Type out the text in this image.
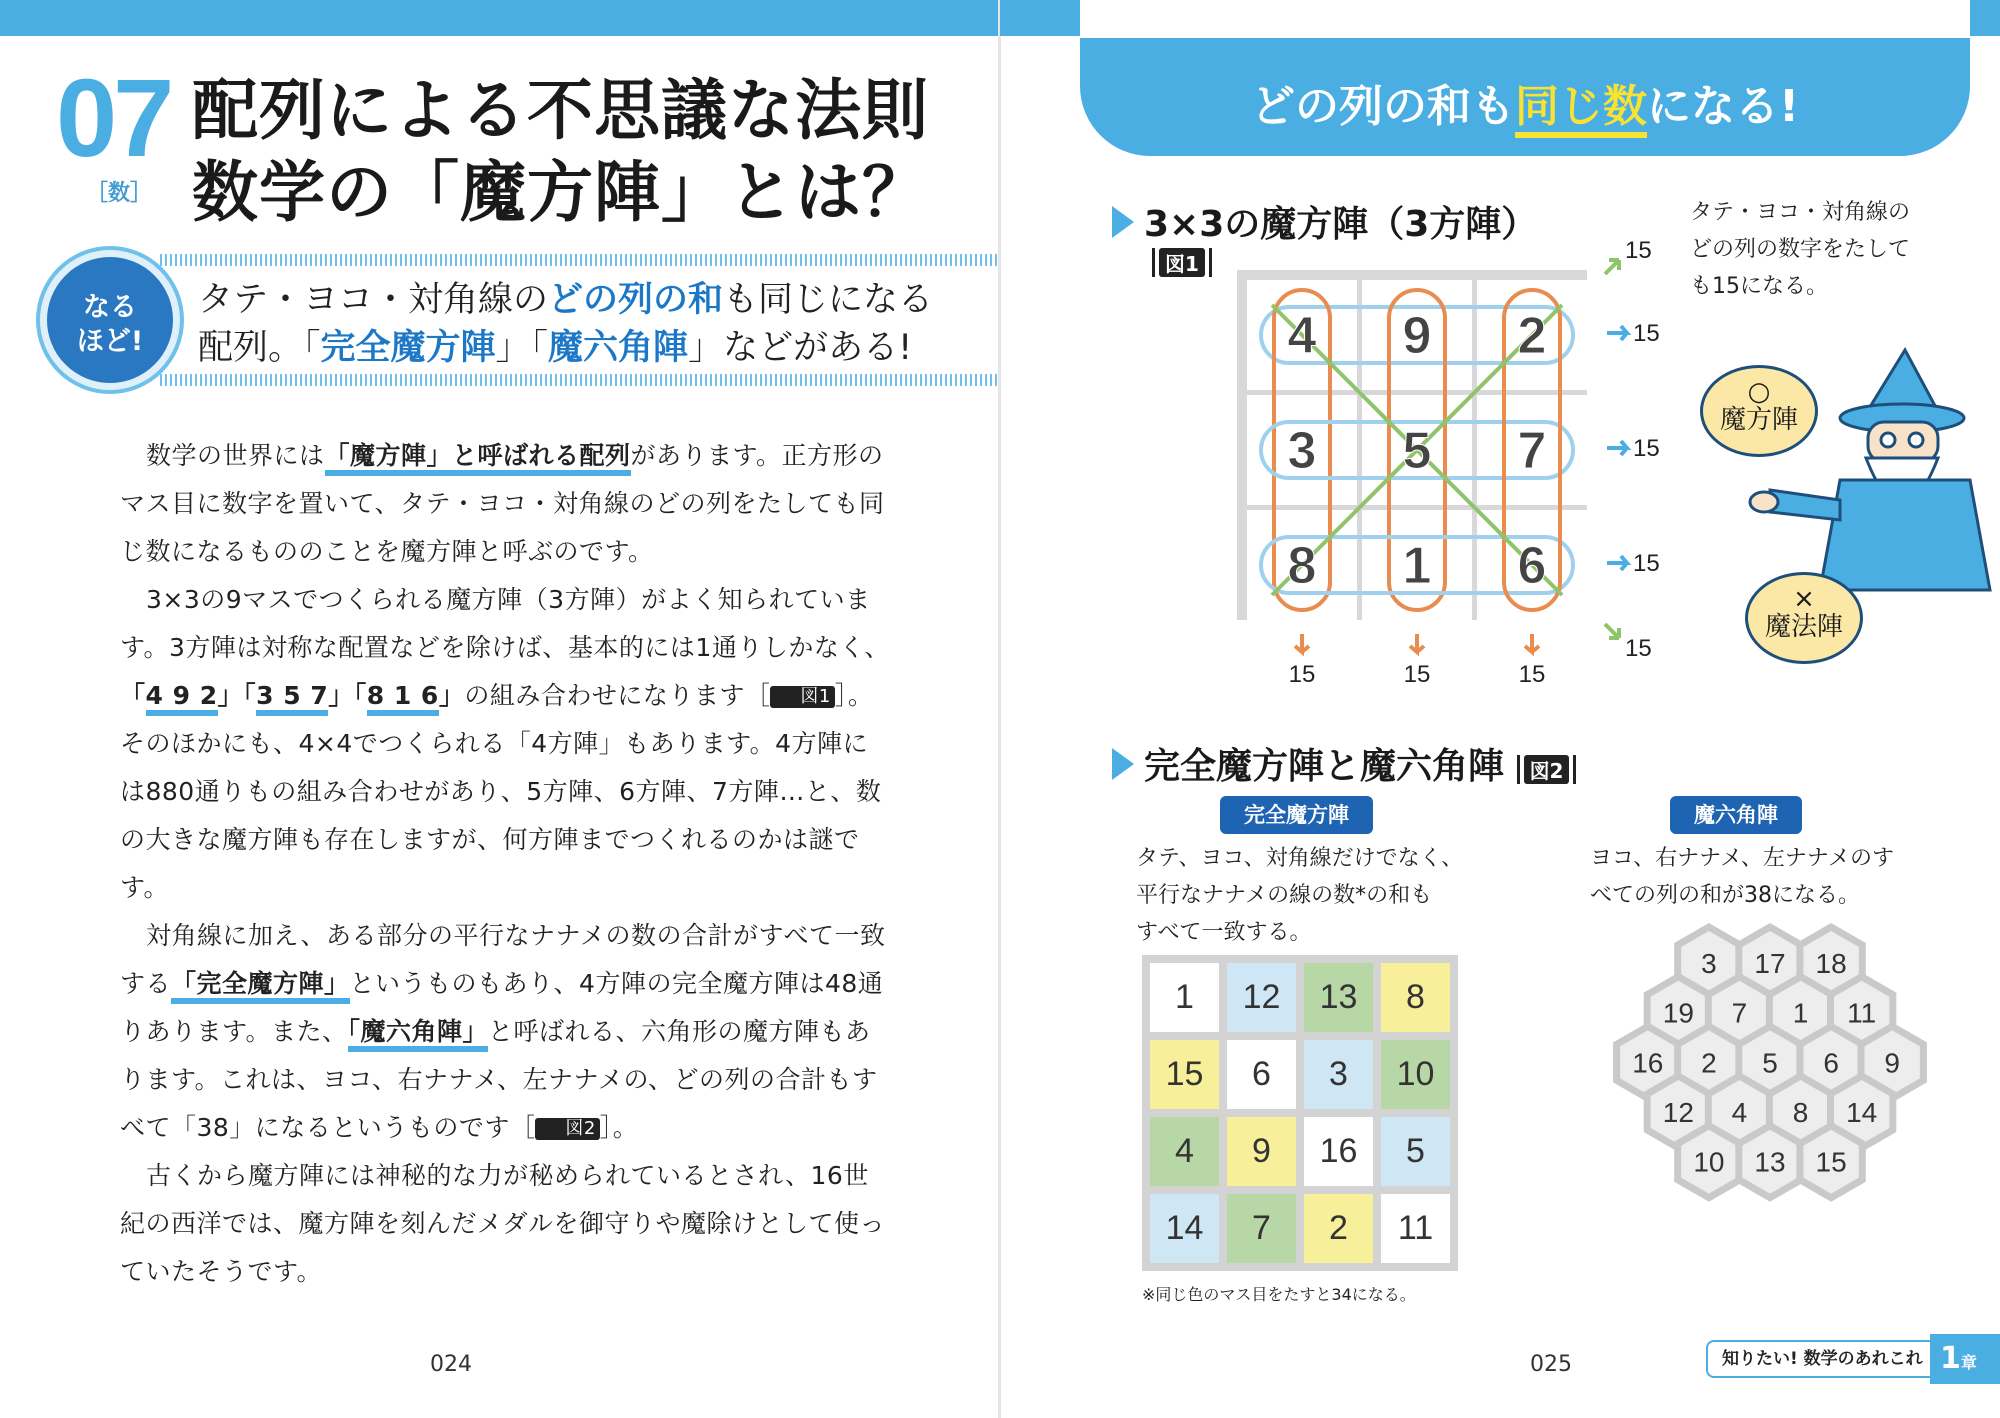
07
［数］
配列による不思議な法則
数学の「魔方陣」とは？
なる
ほど!
タテ・ヨコ・対角線のどの列の和も同じになる
配列。「完全魔方陣」「魔六角陣」などがある!

数学の世界には「魔方陣」と呼ばれる配列があります。正方形のマス目に数字を置いて、タテ・ヨコ・対角線のどの列をたしても同じ数になるもののことを魔方陣と呼ぶのです。

3×3の9マスでつくられる魔方陣（3方陣）がよく知られています。3方陣は対称な配置などを除けば、基本的には1通りしかなく、「4 9 2」「3 5 7」「8 1 6」の組み合わせになります［ 図1 ］。そのほかにも、4×4でつくられる「4方陣」もあります。4方陣には880通りもの組み合わせがあり、5方陣、6方陣、7方陣…と、数の大きな魔方陣も存在しますが、何方陣までつくれるのかは謎です。

対角線に加え、ある部分の平行なナナメの数の合計がすべて一致する「完全魔方陣」というものもあり、4方陣の完全魔方陣は48通りあります。また、「魔六角陣」と呼ばれる、六角形の魔方陣もあります。これは、ヨコ、右ナナメ、左ナナメの、どの列の合計もすべて「38」になるというものです［ 図2 ］。

古くから魔方陣には神秘的な力が秘められているとされ、16世紀の西洋では、魔方陣を刻んだメダルを御守りや魔除けとして使っていたそうです。

024
どの列の和も同じ数になる!
3×3の魔方陣（3方陣）
図1
4 9 2
3 5 7
8 1 6
15
15
15
15	15	15
15
15
タテ・ヨコ・対角線の
どの列の数字をたして
も15になる。
○
魔方陣
×
魔法陣
完全魔方陣と魔六角陣 図2
完全魔方陣
タテ、ヨコ、対角線だけでなく、
平行なナナメの線の数*の和も
すべて一致する。
1	12	13	8
15	6	3	10
4	9	16	5
14	7	2	11
※同じ色のマス目をたすと34になる。
魔六角陣
ヨコ、右ナナメ、左ナナメのす
べての列の和が38になる。
3 17 18
19 7 1 11
16 2 5 6 9
12 4 8 14
10 13 15
025	知りたい! 数学のあれこれ 1章
